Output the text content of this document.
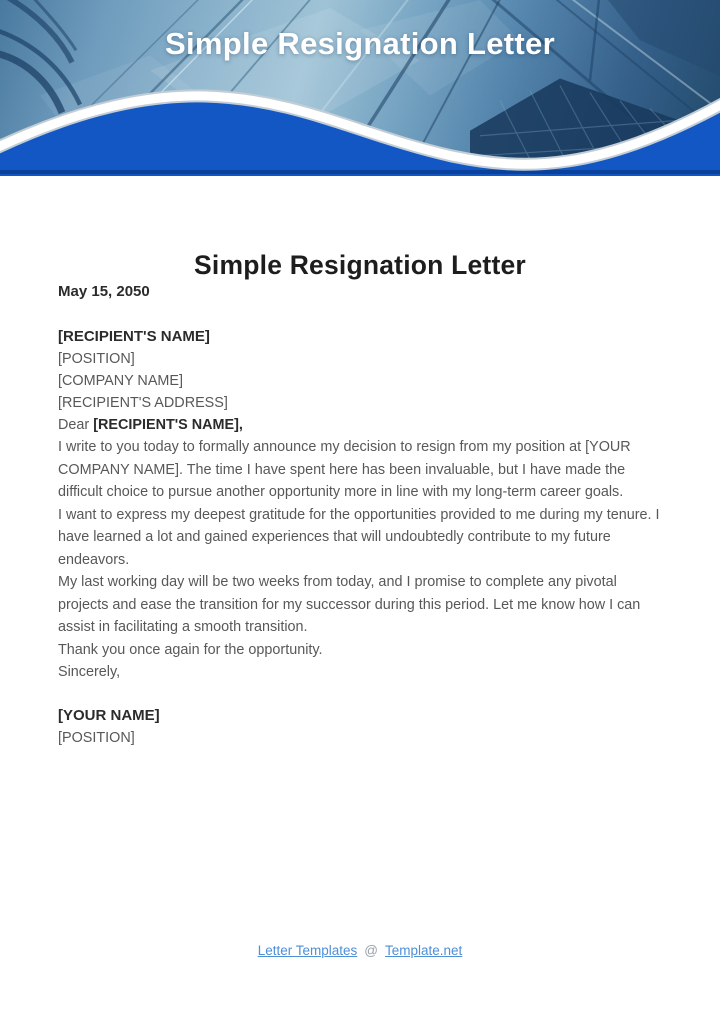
Simple Resignation Letter
Simple Resignation Letter

May 15, 2050

[RECIPIENT'S NAME]

[POSITION]

[COMPANY NAME]

[RECIPIENT'S ADDRESS]

Dear [RECIPIENT'S NAME],

I write to you today to formally announce my decision to resign from my position at [YOUR COMPANY NAME]. The time I have spent here has been invaluable, but I have made the difficult choice to pursue another opportunity more in line with my long-term career goals.

I want to express my deepest gratitude for the opportunities provided to me during my tenure. I have learned a lot and gained experiences that will undoubtedly contribute to my future endeavors.

My last working day will be two weeks from today, and I promise to complete any pivotal projects and ease the transition for my successor during this period. Let me know how I can assist in facilitating a smooth transition.

Thank you once again for the opportunity.

Sincerely,

[YOUR NAME]

[POSITION]

Letter Templates @ Template.net
